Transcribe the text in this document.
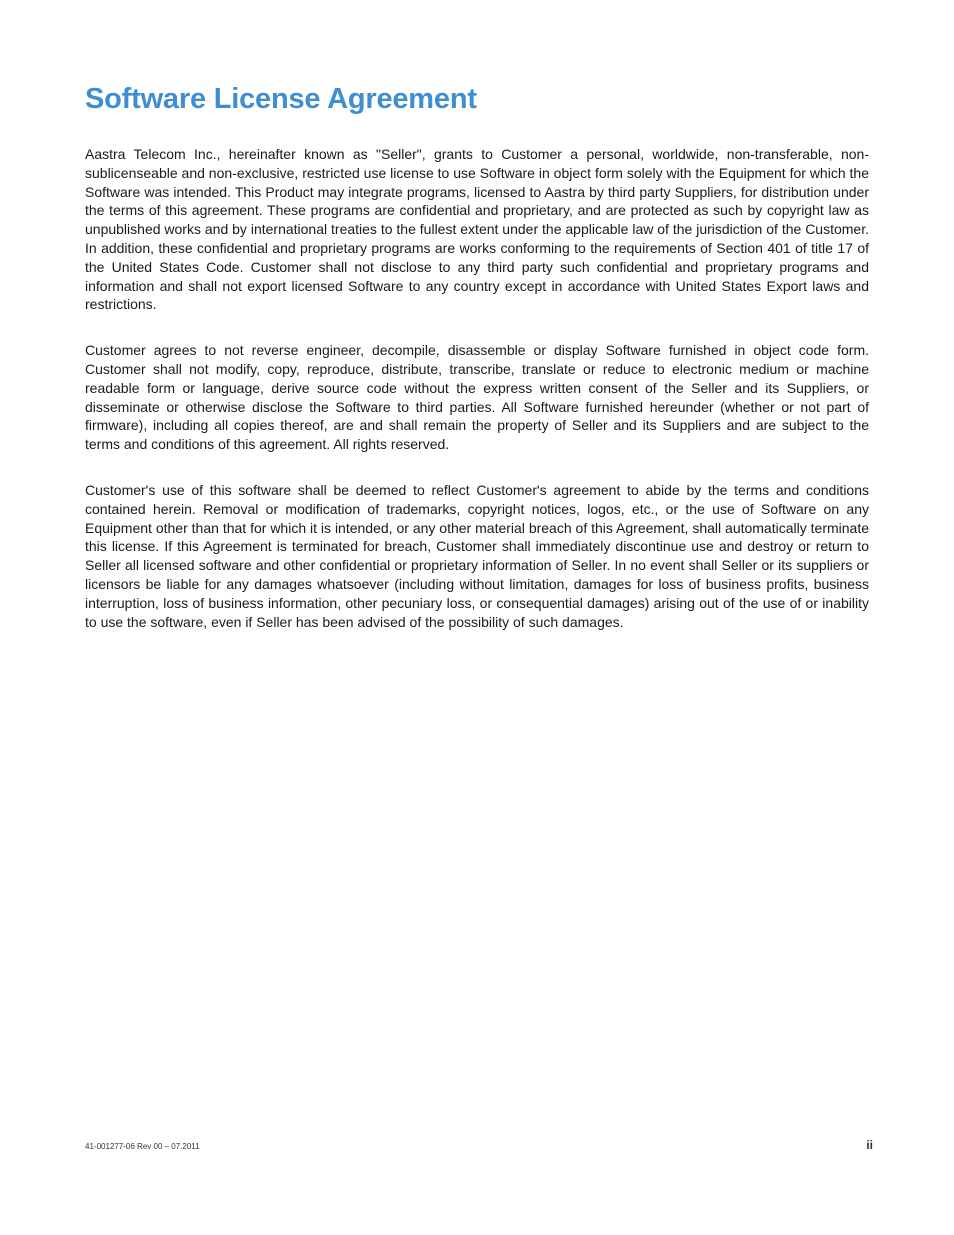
Software License Agreement

Aastra Telecom Inc., hereinafter known as "Seller", grants to Customer a personal, worldwide, non-transferable, non-sublicenseable and non-exclusive, restricted use license to use Software in object form solely with the Equipment for which the Software was intended. This Product may integrate programs, licensed to Aastra by third party Suppliers, for distribution under the terms of this agreement. These programs are confidential and proprietary, and are protected as such by copyright law as unpublished works and by international treaties to the fullest extent under the applicable law of the jurisdiction of the Customer. In addition, these confidential and proprietary programs are works conforming to the requirements of Section 401 of title 17 of the United States Code. Customer shall not disclose to any third party such confidential and proprietary programs and information and shall not export licensed Software to any country except in accordance with United States Export laws and restrictions.

Customer agrees to not reverse engineer, decompile, disassemble or display Software furnished in object code form. Customer shall not modify, copy, reproduce, distribute, transcribe, translate or reduce to electronic medium or machine readable form or language, derive source code without the express written consent of the Seller and its Suppliers, or disseminate or otherwise disclose the Software to third parties. All Software furnished hereunder (whether or not part of firmware), including all copies thereof, are and shall remain the property of Seller and its Suppliers and are subject to the terms and conditions of this agreement. All rights reserved.

Customer's use of this software shall be deemed to reflect Customer's agreement to abide by the terms and conditions contained herein. Removal or modification of trademarks, copyright notices, logos, etc., or the use of Software on any Equipment other than that for which it is intended, or any other material breach of this Agreement, shall automatically terminate this license. If this Agreement is terminated for breach, Customer shall immediately discontinue use and destroy or return to Seller all licensed software and other confidential or proprietary information of Seller. In no event shall Seller or its suppliers or licensors be liable for any damages whatsoever (including without limitation, damages for loss of business profits, business interruption, loss of business information, other pecuniary loss, or consequential damages) arising out of the use of or inability to use the software, even if Seller has been advised of the possibility of such damages.

41-001277-06 Rev 00 – 07.2011	ii
